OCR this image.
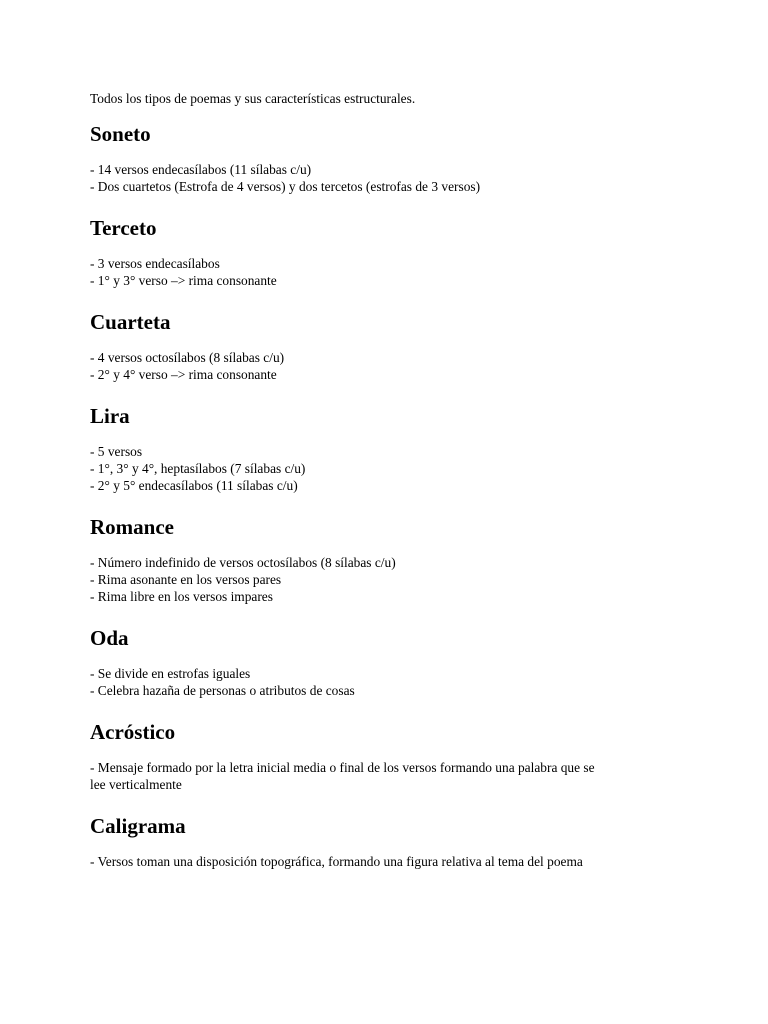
Todos los tipos de poemas y sus características estructurales.

Soneto
- 14 versos endecasílabos (11 sílabas c/u)
- Dos cuartetos (Estrofa de 4 versos) y dos tercetos (estrofas de 3 versos)
Terceto
- 3 versos endecasílabos
- 1° y 3° verso –> rima consonante
Cuarteta
- 4 versos octosílabos (8 sílabas c/u)
- 2° y 4° verso –> rima consonante
Lira
- 5 versos
- 1°, 3° y 4°, heptasílabos (7 sílabas c/u)
- 2° y 5° endecasílabos (11 sílabas c/u)
Romance
- Número indefinido de versos octosílabos (8 sílabas c/u)
- Rima asonante en los versos pares
- Rima libre en los versos impares
Oda
- Se divide en estrofas iguales
- Celebra hazaña de personas o atributos de cosas
Acróstico
- Mensaje formado por la letra inicial media o final de los versos formando una palabra que se
lee verticalmente
Caligrama
- Versos toman una disposición topográfica, formando una figura relativa al tema del poema
